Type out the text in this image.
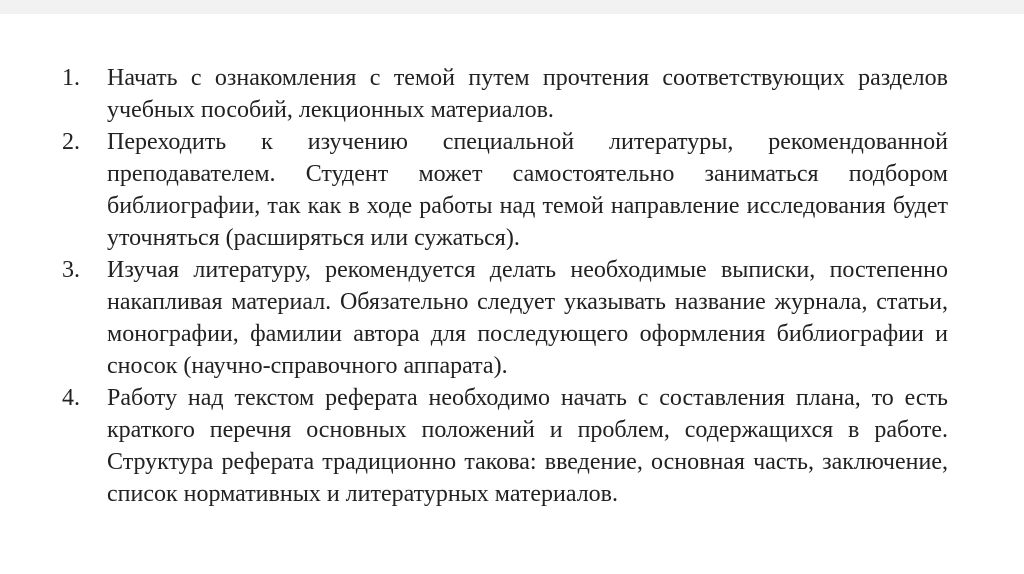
1.	Начать с ознакомления с темой путем прочтения соответствующих разделов учебных пособий, лекционных материалов.
2.	Переходить к изучению специальной литературы, рекомендованной преподавателем. Студент может самостоятельно заниматься подбором библиографии, так как в ходе работы над темой направление исследования будет уточняться (расширяться или сужаться).
3.	Изучая литературу, рекомендуется делать необходимые выписки, постепенно накапливая материал. Обязательно следует указывать название журнала, статьи, монографии, фамилии автора для последующего оформления библиографии и сносок (научно-справочного аппарата).
4.	Работу над текстом реферата необходимо начать с составления плана, то есть краткого перечня основных положений и проблем, содержащихся в работе. Структура реферата традиционно такова: введение, основная часть, заключение, список нормативных и литературных материалов.
